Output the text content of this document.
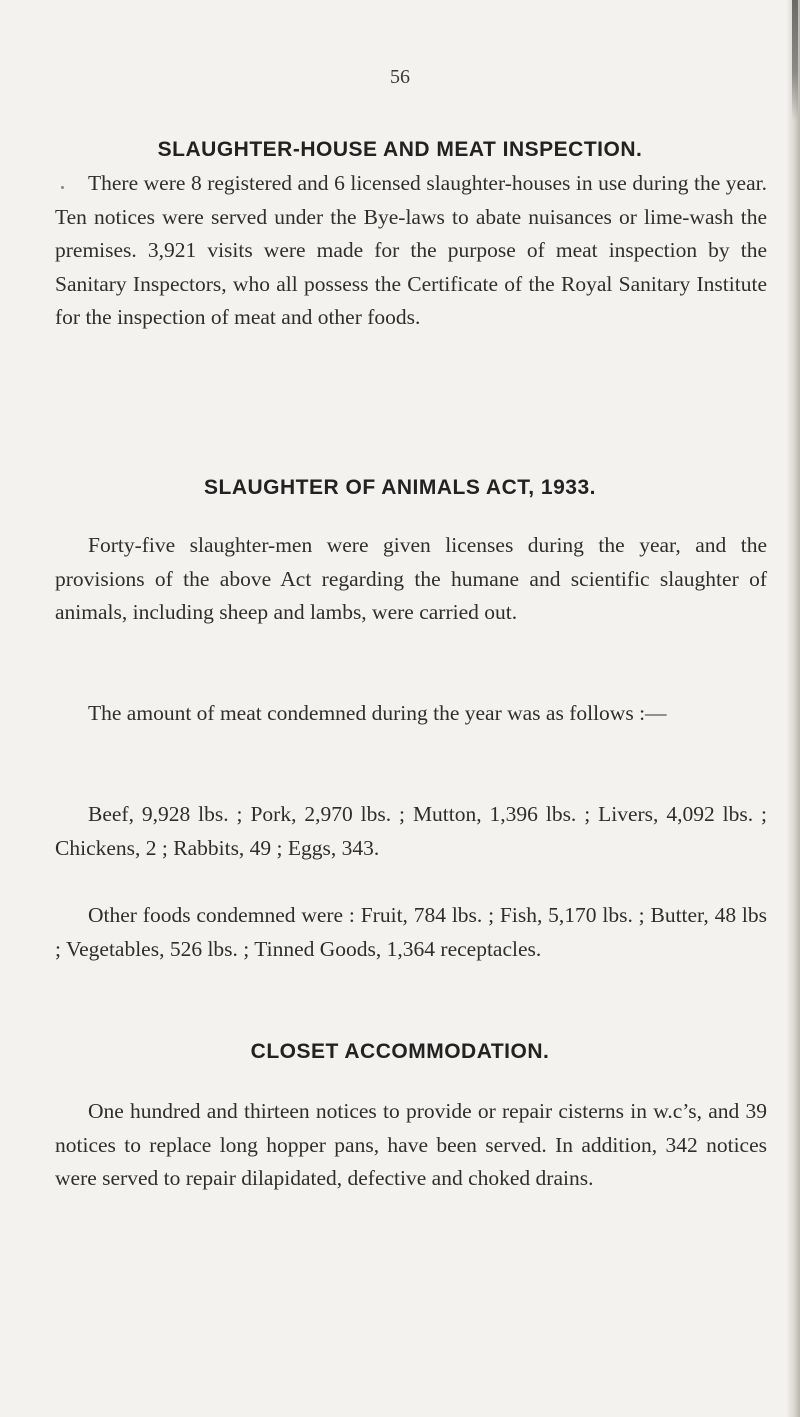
56
SLAUGHTER-HOUSE AND MEAT INSPECTION.
There were 8 registered and 6 licensed slaughter-houses in use during the year. Ten notices were served under the Bye-laws to abate nuisances or lime-wash the premises. 3,921 visits were made for the purpose of meat inspection by the Sanitary Inspectors, who all possess the Certificate of the Royal Sanitary Institute for the inspection of meat and other foods.
SLAUGHTER OF ANIMALS ACT, 1933.
Forty-five slaughter-men were given licenses during the year, and the provisions of the above Act regarding the humane and scientific slaughter of animals, including sheep and lambs, were carried out.
The amount of meat condemned during the year was as follows :—
Beef, 9,928 lbs. ; Pork, 2,970 lbs. ; Mutton, 1,396 lbs. ; Livers, 4,092 lbs. ; Chickens, 2 ; Rabbits, 49 ; Eggs, 343.
Other foods condemned were : Fruit, 784 lbs. ; Fish, 5,170 lbs. ; Butter, 48 lbs ; Vegetables, 526 lbs. ; Tinned Goods, 1,364 receptacles.
CLOSET ACCOMMODATION.
One hundred and thirteen notices to provide or repair cisterns in w.c’s, and 39 notices to replace long hopper pans, have been served. In addition, 342 notices were served to repair dilapidated, defective and choked drains.
